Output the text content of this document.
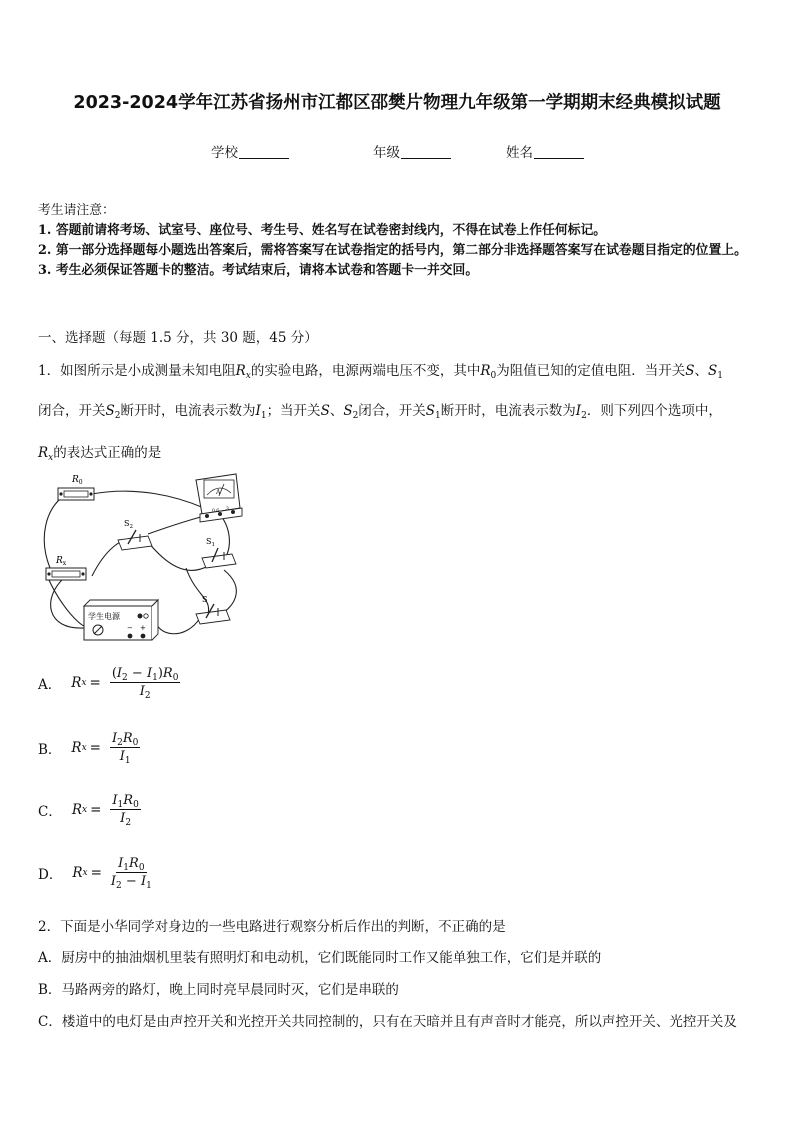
2023-2024学年江苏省扬州市江都区邵樊片物理九年级第一学期期末经典模拟试题
学校	年级	姓名
考生请注意：
1. 答题前请将考场、试室号、座位号、考生号、姓名写在试卷密封线内，不得在试卷上作任何标记。
2. 第一部分选择题每小题选出答案后，需将答案写在试卷指定的括号内，第二部分非选择题答案写在试卷题目指定的位置上。
3. 考生必须保证答题卡的整洁。考试结束后，请将本试卷和答题卡一并交回。
一、选择题（每题 1.5 分，共 30 题，45 分）
1．如图所示是小成测量未知电阻$R_x$的实验电路，电源两端电压不变，其中$R_0$为阻值已知的定值电阻．当开关S、$S_1$
闭合，开关$S_2$断开时，电流表示数为$I_1$；当开关S、$S_2$闭合，开关$S_1$断开时，电流表示数为$I_2$．则下列四个选项中，
$R_x$的表达式正确的是
$R_0$
$R_x$
A
0.6 3
$S_2$
$S_1$
S
学生电源
− +
A． R $x = \frac{(I_2 - I_1)R_0}{I_2}$
B． R $x = \frac{I_2R_0}{I_1}$
C． R $x = \frac{I_1R_0}{I_2}$
D． R $x = \frac{I_1R_0}{I_2 - I_1}$
2．下面是小华同学对身边的一些电路进行观察分析后作出的判断，不正确的是
A．厨房中的抽油烟机里装有照明灯和电动机，它们既能同时工作又能单独工作，它们是并联的
B．马路两旁的路灯，晚上同时亮早晨同时灭，它们是串联的
C．楼道中的电灯是由声控开关和光控开关共同控制的，只有在天暗并且有声音时才能亮，所以声控开关、光控开关及
